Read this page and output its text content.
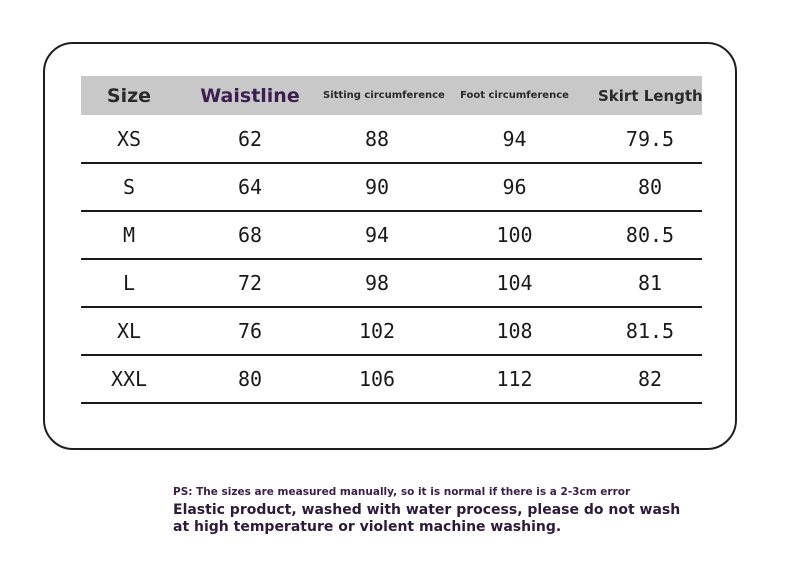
Size	Waistline	Sitting circumference	Foot circumference	Skirt Length
XS	62	88	94	79.5
S	64	90	96	80
M	68	94	100	80.5
L	72	98	104	81
XL	76	102	108	81.5
XXL	80	106	112	82

PS: The sizes are measured manually, so it is normal if there is a 2-3cm error

Elastic product, washed with water process, please do not wash at high temperature or violent machine washing.
